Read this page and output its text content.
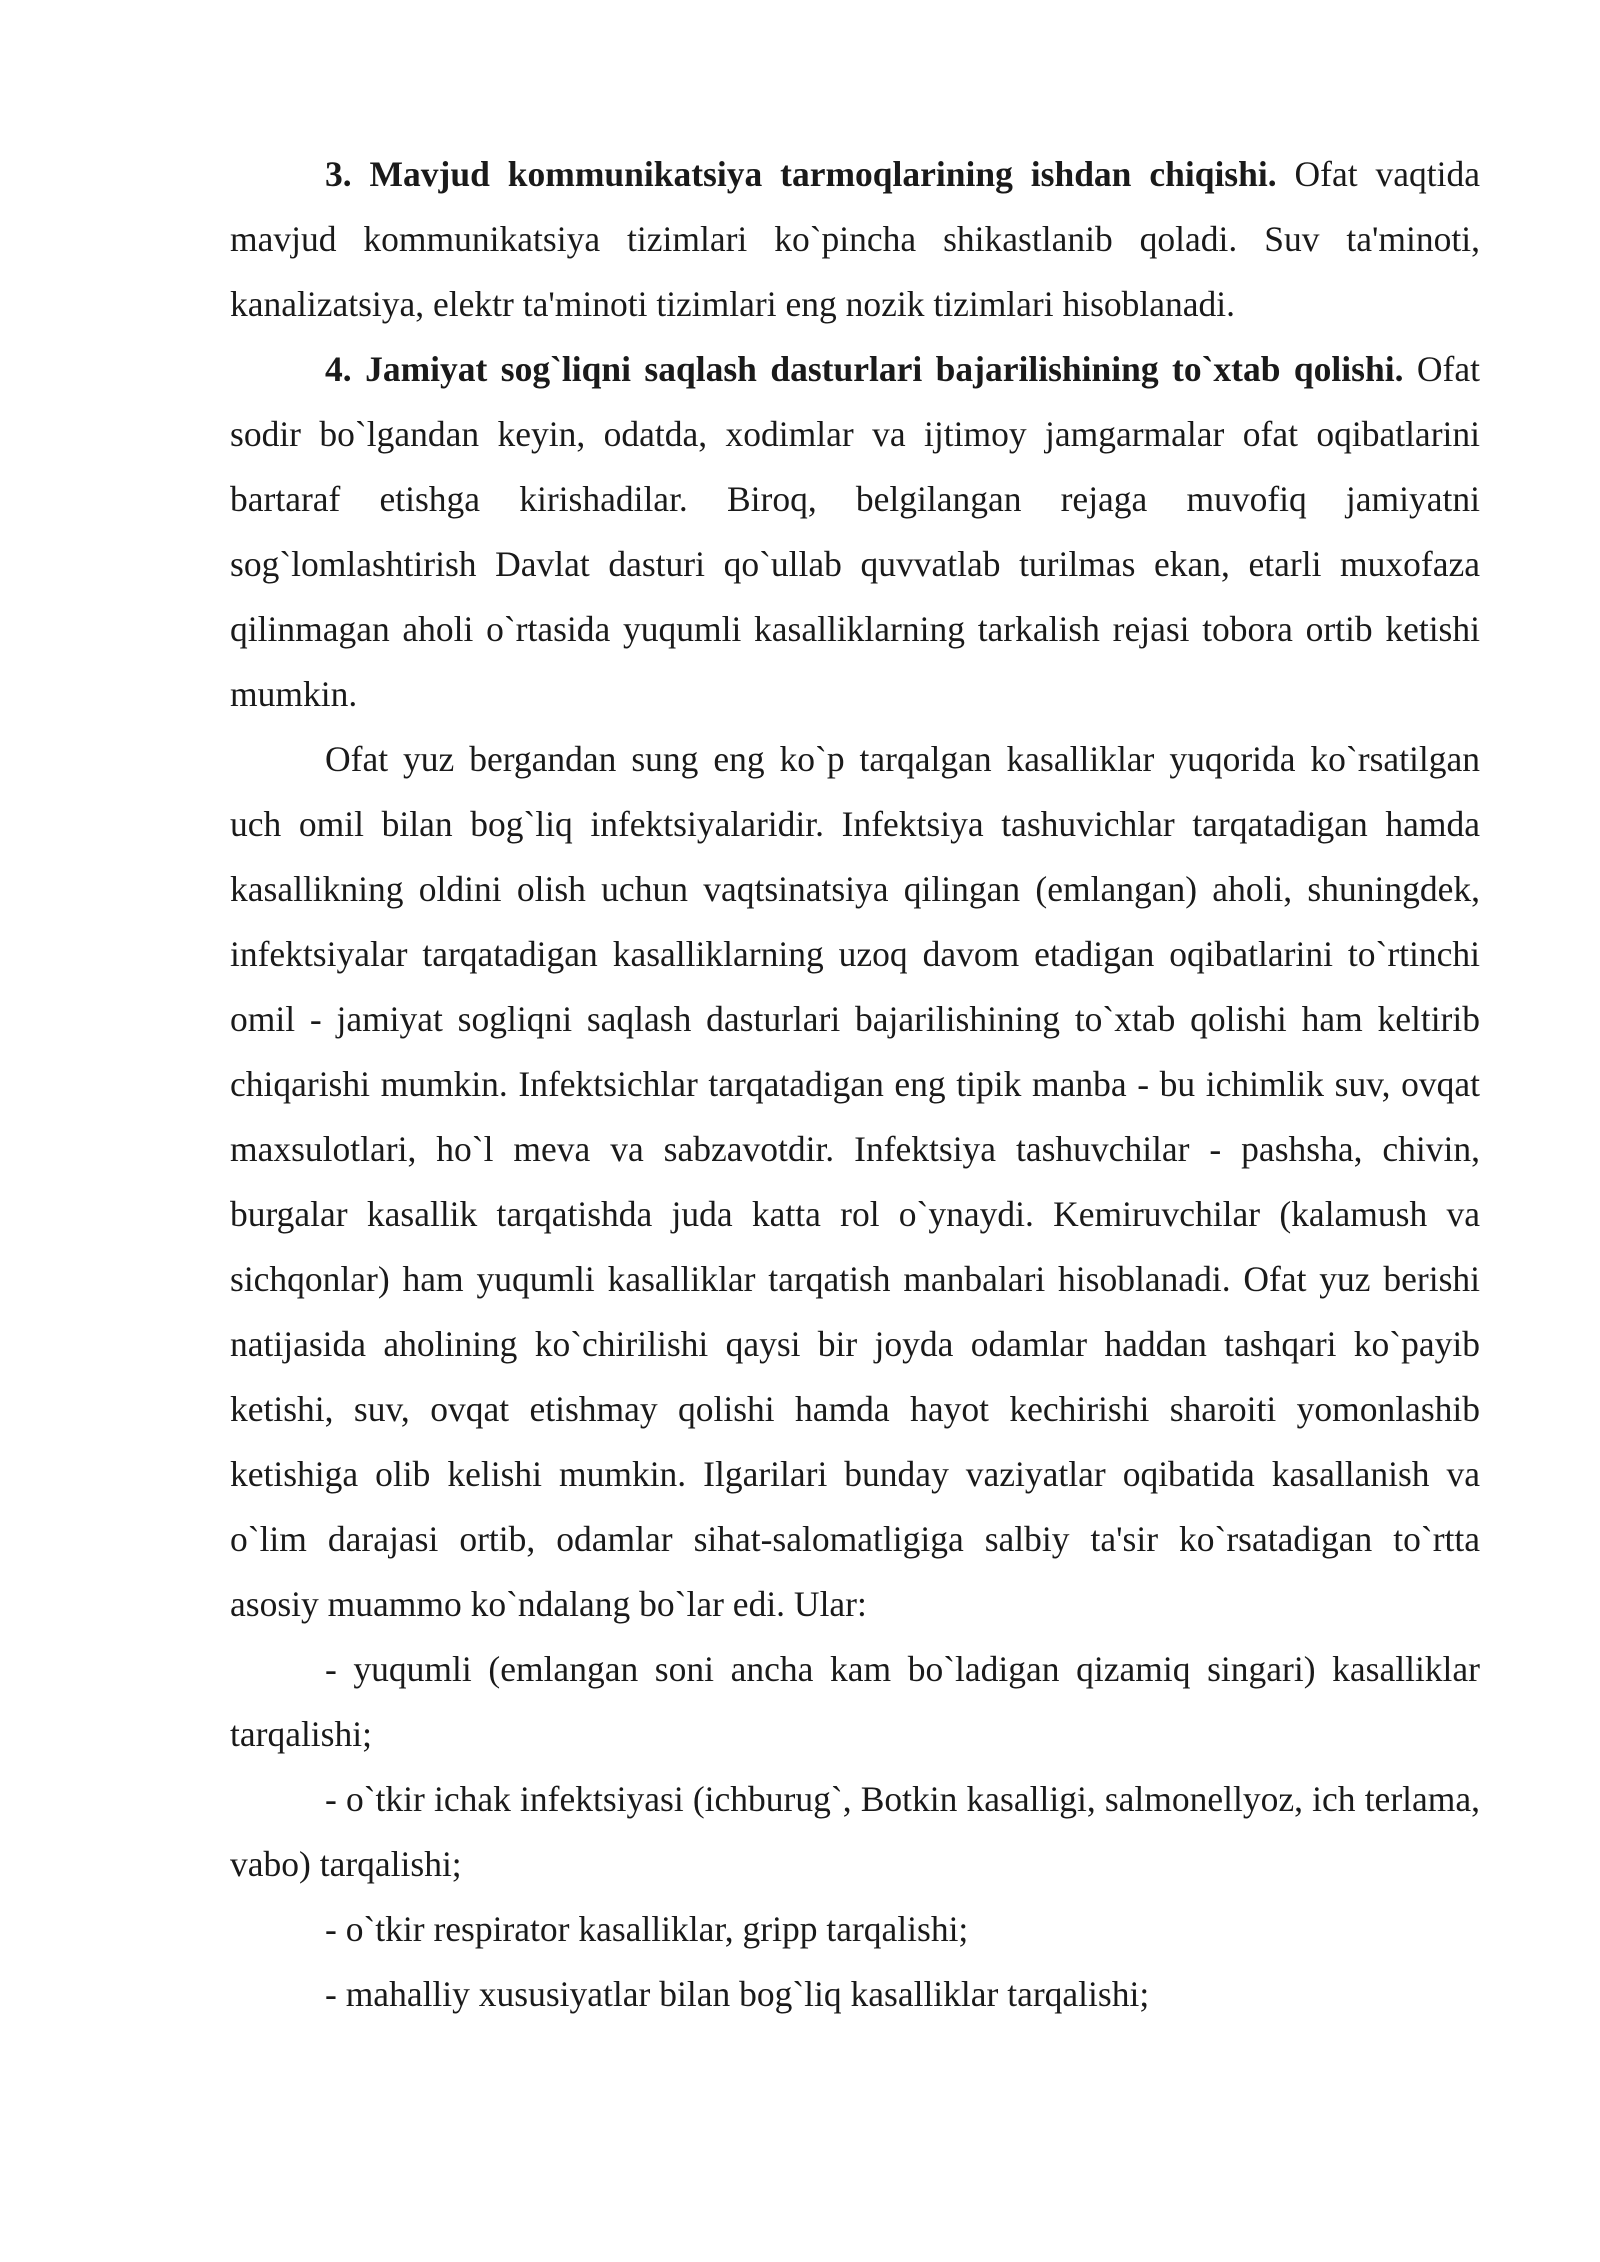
3. Mavjud kommunikatsiya tarmoqlarining ishdan chiqishi. Ofat vaqtida mavjud kommunikatsiya tizimlari ko`pincha shikastlanib qoladi. Suv ta'minoti, kanalizatsiya, elektr ta'minoti tizimlari eng nozik tizimlari hisoblanadi.

4. Jamiyat sog`liqni saqlash dasturlari bajarilishining to`xtab qolishi. Ofat sodir bo`lgandan keyin, odatda, xodimlar va ijtimoy jamgarmalar ofat oqibatlarini bartaraf etishga kirishadilar. Biroq, belgilangan rejaga muvofiq jamiyatni sog`lomlashtirish Davlat dasturi qo`ullab quvvatlab turilmas ekan, etarli muxofaza qilinmagan aholi o`rtasida yuqumli kasalliklarning tarkalish rejasi tobora ortib ketishi mumkin.

Ofat yuz bergandan sung eng ko`p tarqalgan kasalliklar yuqorida ko`rsatilgan uch omil bilan bog`liq infektsiyalaridir. Infektsiya tashuvichlar tarqatadigan hamda kasallikning oldini olish uchun vaqtsinatsiya qilingan (emlangan) aholi, shuningdek, infektsiyalar tarqatadigan kasalliklarning uzoq davom etadigan oqibatlarini to`rtinchi omil - jamiyat sogliqni saqlash dasturlari bajarilishining to`xtab qolishi ham keltirib chiqarishi mumkin. Infektsichlar tarqatadigan eng tipik manba - bu ichimlik suv, ovqat maxsulotlari, ho`l meva va sabzavotdir. Infektsiya tashuvchilar - pashsha, chivin, burgalar kasallik tarqatishda juda katta rol o`ynaydi. Kemiruvchilar (kalamush va sichqonlar) ham yuqumli kasalliklar tarqatish manbalari hisoblanadi. Ofat yuz berishi natijasida aholining ko`chirilishi qaysi bir joyda odamlar haddan tashqari ko`payib ketishi, suv, ovqat etishmay qolishi hamda hayot kechirishi sharoiti yomonlashib ketishiga olib kelishi mumkin. Ilgarilari bunday vaziyatlar oqibatida kasallanish va o`lim darajasi ortib, odamlar sihat-salomatligiga salbiy ta'sir ko`rsatadigan to`rtta asosiy muammo ko`ndalang bo`lar edi. Ular:

- yuqumli (emlangan soni ancha kam bo`ladigan qizamiq singari) kasalliklar tarqalishi;

- o`tkir ichak infektsiyasi (ichburug`, Botkin kasalligi, salmonellyoz, ich terlama, vabo) tarqalishi;

- o`tkir respirator kasalliklar, gripp tarqalishi;

- mahalliy xususiyatlar bilan bog`liq kasalliklar tarqalishi;
